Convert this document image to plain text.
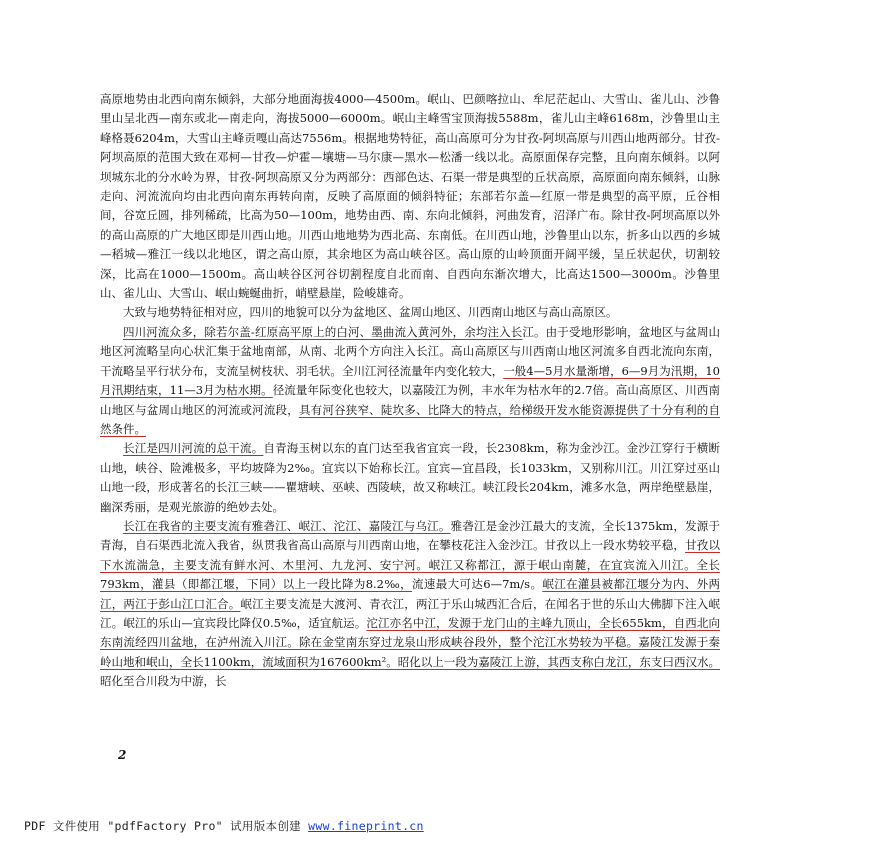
高原地势由北西向南东倾斜，大部分地面海拔4000—4500m。岷山、巴颜喀拉山、牟尼茫起山、大雪山、雀儿山、沙鲁里山呈北西—南东或北—南走向，海拔5000—6000m。岷山主峰雪宝顶海拔5588m，雀儿山主峰6168m，沙鲁里山主峰格聂6204m，大雪山主峰贡嘎山高达7556m。根据地势特征，高山高原可分为甘孜-阿坝高原与川西山地两部分。甘孜-阿坝高原的范围大致在邓柯—甘孜—炉霍—壤塘—马尔康—黑水—松潘一线以北。高原面保存完整，且向南东倾斜。以阿坝城东北的分水岭为界，甘孜-阿坝高原又分为两部分：西部色达、石渠一带是典型的丘状高原，高原面向南东倾斜，山脉走向、河流流向均由北西向南东再转向南，反映了高原面的倾斜特征；东部若尔盖—红原一带是典型的高平原，丘谷相间，谷宽丘圆，排列稀疏，比高为50—100m，地势由西、南、东向北倾斜，河曲发育，沼泽广布。除甘孜-阿坝高原以外的高山高原的广大地区即是川西山地。川西山地地势为西北高、东南低。在川西山地，沙鲁里山以东，折多山以西的乡城—稻城—雅江一线以北地区，谓之高山原，其余地区为高山峡谷区。高山原的山岭顶面开阔平缓，呈丘状起伏，切割较深，比高在1000—1500m。高山峡谷区河谷切割程度自北而南、自西向东渐次增大，比高达1500—3000m。沙鲁里山、雀儿山、大雪山、岷山蜿蜒曲折，峭壁悬崖，险峻雄奇。

大致与地势特征相对应，四川的地貌可以分为盆地区、盆周山地区、川西南山地区与高山高原区。

四川河流众多，除若尔盖-红原高平原上的白河、墨曲流入黄河外，余均注入长江。由于受地形影响，盆地区与盆周山地区河流略呈向心状汇集于盆地南部，从南、北两个方向注入长江。高山高原区与川西南山地区河流多自西北流向东南，干流略呈平行状分布，支流呈树枝状、羽毛状。全川江河径流量年内变化较大，一般4—5月水量渐增，6—9月为汛期，10月汛期结束，11—3月为枯水期。径流量年际变化也较大，以嘉陵江为例，丰水年为枯水年的2.7倍。高山高原区、川西南山地区与盆周山地区的河流或河流段，具有河谷狭窄、陡坎多、比降大的特点，给梯级开发水能资源提供了十分有利的自然条件。

长江是四川河流的总干流。自青海玉树以东的直门达至我省宜宾一段，长2308km，称为金沙江。金沙江穿行于横断山地，峡谷、险滩极多，平均坡降为2‰。宜宾以下始称长江。宜宾—宜昌段，长1033km，又别称川江。川江穿过巫山山地一段，形成著名的长江三峡——瞿塘峡、巫峡、西陵峡，故又称峡江。峡江段长204km，滩多水急，两岸绝壁悬崖，幽深秀丽，是观光旅游的绝妙去处。

长江在我省的主要支流有雅砻江、岷江、沱江、嘉陵江与乌江。雅砻江是金沙江最大的支流，全长1375km，发源于青海，自石渠西北流入我省，纵贯我省高山高原与川西南山地，在攀枝花注入金沙江。甘孜以上一段水势较平稳，甘孜以下水流湍急，主要支流有鲜水河、木里河、九龙河、安宁河。岷江又称都江，源于岷山南麓，在宜宾流入川江。全长793km，灌县（即都江堰，下同）以上一段比降为8.2‰，流速最大可达6—7m/s。岷江在灌县被都江堰分为内、外两江，两江于彭山江口汇合。岷江主要支流是大渡河、青衣江，两江于乐山城西汇合后，在闻名于世的乐山大佛脚下注入岷江。岷江的乐山—宜宾段比降仅0.5‰，适宜航运。沱江亦名中江，发源于龙门山的主峰九顶山，全长655km，自西北向东南流经四川盆地，在泸州流入川江。除在金堂南东穿过龙泉山形成峡谷段外，整个沱江水势较为平稳。嘉陵江发源于秦岭山地和岷山，全长1100km，流域面积为167600km²。昭化以上一段为嘉陵江上游，其西支称白龙江，东支曰西汉水。昭化至合川段为中游，长

2
PDF 文件使用 "pdfFactory Pro" 试用版本创建 www.fineprint.cn
